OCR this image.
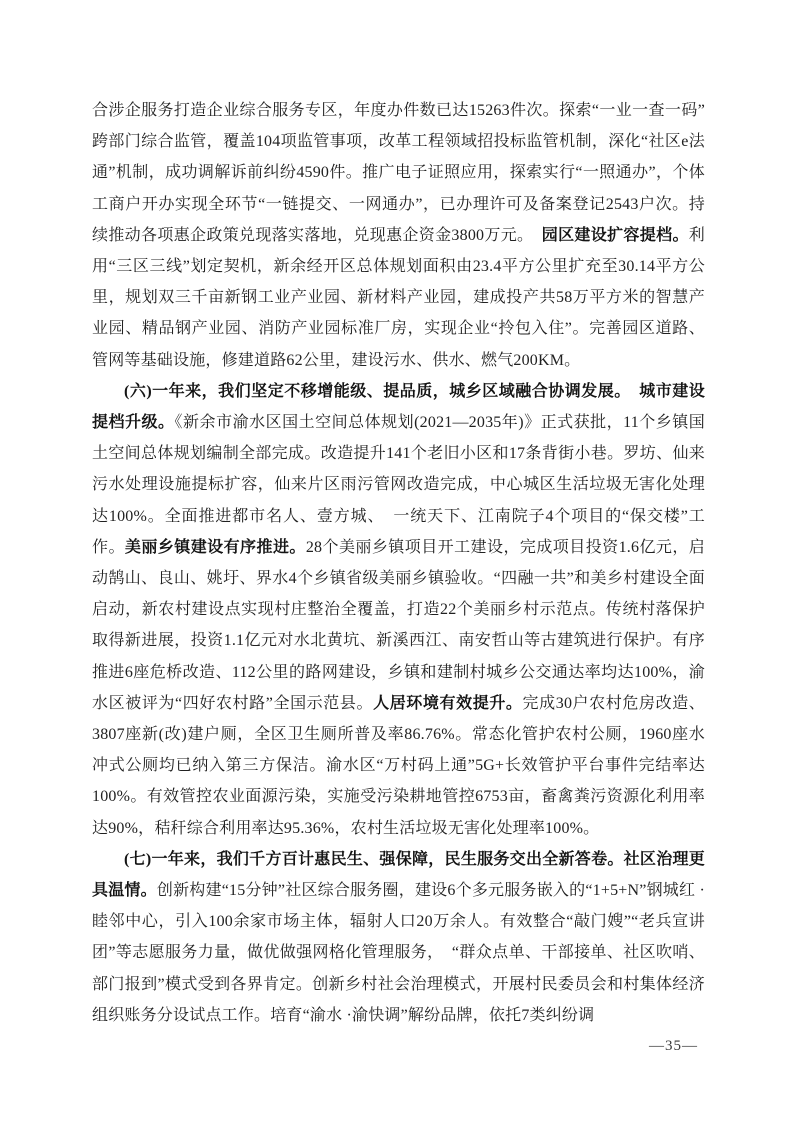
合涉企服务打造企业综合服务专区，年度办件数已达15263件次。探索“一业一查一码”跨部门综合监管，覆盖104项监管事项，改革工程领域招投标监管机制，深化“社区e法通”机制，成功调解诉前纠纷4590件。推广电子证照应用，探索实行“一照通办”，个体工商户开办实现全环节“一链提交、一网通办”，已办理许可及备案登记2543户次。持续推动各项惠企政策兑现落实落地，兑现惠企资金3800万元。　园区建设扩容提档。利用“三区三线”划定契机，新余经开区总体规划面积由23.4平方公里扩充至30.14平方公里，规划双三千亩新钢工业产业园、新材料产业园，建成投产共58万平方米的智慧产业园、精品钢产业园、消防产业园标准厂房，实现企业“拎包入住”。完善园区道路、管网等基础设施，修建道路62公里，建设污水、供水、燃气200KM。

(六)一年来，我们坚定不移增能级、提品质，城乡区域融合协调发展。　城市建设提档升级。《新余市渝水区国土空间总体规划(2021—2035年)》正式获批，11个乡镇国土空间总体规划编制全部完成。改造提升141个老旧小区和17条背街小巷。罗坊、仙来污水处理设施提标扩容，仙来片区雨污管网改造完成，中心城区生活垃圾无害化处理达100%。全面推进都市名人、壹方城、　一统天下、江南院子4个项目的“保交楼”工作。美丽乡镇建设有序推进。28个美丽乡镇项目开工建设，完成项目投资1.6亿元，启动鹄山、良山、姚圩、界水4个乡镇省级美丽乡镇验收。“四融一共”和美乡村建设全面启动，新农村建设点实现村庄整治全覆盖，打造22个美丽乡村示范点。传统村落保护取得新进展，投资1.1亿元对水北黄坑、新溪西江、南安哲山等古建筑进行保护。有序推进6座危桥改造、112公里的路网建设，乡镇和建制村城乡公交通达率均达100%，渝水区被评为“四好农村路”全国示范县。人居环境有效提升。完成30户农村危房改造、3807座新(改)建户厕，全区卫生厕所普及率86.76%。常态化管护农村公厕，1960座水冲式公厕均已纳入第三方保洁。渝水区“万村码上通”5G+长效管护平台事件完结率达100%。有效管控农业面源污染，实施受污染耕地管控6753亩，畜禽粪污资源化利用率达90%，秸秆综合利用率达95.36%，农村生活垃圾无害化处理率100%。

(七)一年来，我们千方百计惠民生、强保障，民生服务交出全新答卷。社区治理更具温情。创新构建“15分钟”社区综合服务圈，建设6个多元服务嵌入的“1+5+N”钢城红 ·睦邻中心，引入100余家市场主体，辐射人口20万余人。有效整合“敲门嫂”“老兵宣讲团”等志愿服务力量，做优做强网格化管理服务，　“群众点单、干部接单、社区吹哨、部门报到”模式受到各界肯定。创新乡村社会治理模式，开展村民委员会和村集体经济组织账务分设试点工作。培育“渝水 ·渝快调”解纷品牌，依托7类纠纷调

—35—
